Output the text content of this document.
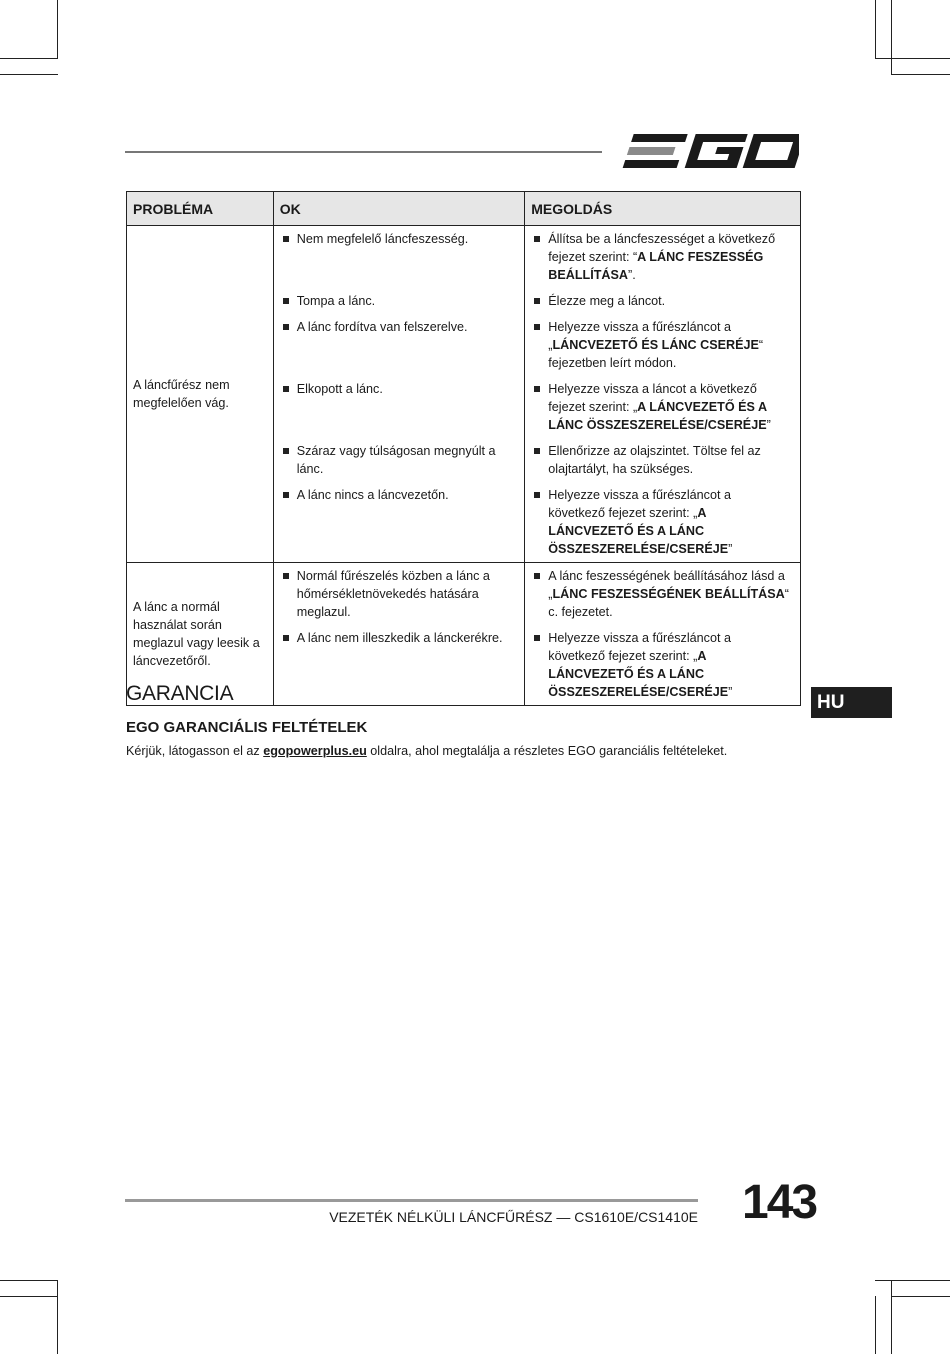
PROBLÉMA	OK	MEGOLDÁS
A láncfűrész nem megfelelően vág.	Nem megfelelő láncfeszesség.	Állítsa be a láncfeszességet a következő fejezet szerint: “A LÁNC FESZESSÉG BEÁLLÍTÁSA”.

	Tompa a lánc.	Élezze meg a láncot.

	A lánc fordítva van felszerelve.	Helyezze vissza a fűrészláncot a „LÁNCVEZETŐ ÉS LÁNC CSERÉJE“ fejezetben leírt módon.

	Elkopott a lánc.	Helyezze vissza a láncot a következő fejezet szerint: „A LÁNCVEZETŐ ÉS A LÁNC ÖSSZESZERELÉSE/CSERÉJE”

	Száraz vagy túlságosan megnyúlt a lánc.	Ellenőrizze az olajszintet. Töltse fel az olajtartályt, ha szükséges.

	A lánc nincs a láncvezetőn.	Helyezze vissza a fűrészláncot a következő fejezet szerint: „A LÁNCVEZETŐ ÉS A LÁNC ÖSSZESZERELÉSE/CSERÉJE”

A lánc a normál használat során meglazul vagy leesik a láncvezetőről.	Normál fűrészelés közben a lánc a hőmérsékletnövekedés hatására meglazul.	A lánc feszességének beállításához lásd a „LÁNC FESZESSÉGÉNEK BEÁLLÍTÁSA“ c. fejezetet.

	A lánc nem illeszkedik a lánckerékre.	Helyezze vissza a fűrészláncot a következő fejezet szerint: „A LÁNCVEZETŐ ÉS A LÁNC ÖSSZESZERELÉSE/CSERÉJE”	HU
GARANCIA
EGO GARANCIÁLIS FELTÉTELEK
Kérjük, látogasson el az egopowerplus.eu oldalra, ahol megtalálja a részletes EGO garanciális feltételeket.
VEZETÉK NÉLKÜLI LÁNCFŰRÉSZ — CS1610E/CS1410E 143
